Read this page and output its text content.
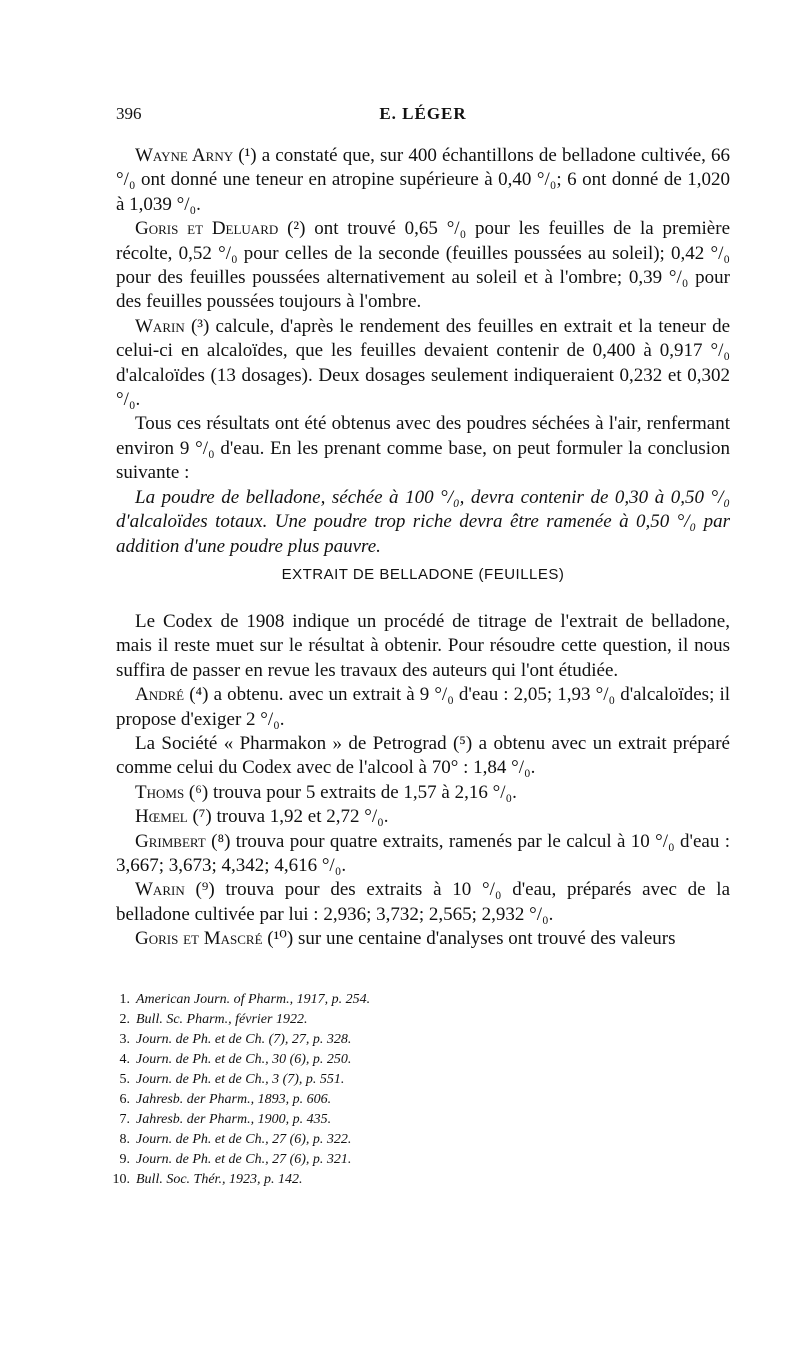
396	E. LÉGER

 Wayne Arny (¹) a constaté que, sur 400 échantillons de belladone cultivée, 66 °/₀ ont donné une teneur en atropine supérieure à 0,40 °/₀; 6 ont donné de 1,020 à 1,039 °/₀.

 Goris et Deluard (²) ont trouvé 0,65 °/₀ pour les feuilles de la première récolte, 0,52 °/₀ pour celles de la seconde (feuilles poussées au soleil); 0,42 °/₀ pour des feuilles poussées alternativement au soleil et à l'ombre; 0,39 °/₀ pour des feuilles poussées toujours à l'ombre.

 Warin (³) calcule, d'après le rendement des feuilles en extrait et la teneur de celui-ci en alcaloïdes, que les feuilles devaient contenir de 0,400 à 0,917 °/₀ d'alcaloïdes (13 dosages). Deux dosages seulement indiqueraient 0,232 et 0,302 °/₀.

 Tous ces résultats ont été obtenus avec des poudres séchées à l'air, renfermant environ 9 °/₀ d'eau. En les prenant comme base, on peut formuler la conclusion suivante :

 La poudre de belladone, séchée à 100 °/₀, devra contenir de 0,30 à 0,50 °/₀ d'alcaloïdes totaux. Une poudre trop riche devra être ramenée à 0,50 °/₀ par addition d'une poudre plus pauvre.

EXTRAIT DE BELLADONE (FEUILLES)

 Le Codex de 1908 indique un procédé de titrage de l'extrait de belladone, mais il reste muet sur le résultat à obtenir. Pour résoudre cette question, il nous suffira de passer en revue les travaux des auteurs qui l'ont étudiée.

 André (⁴) a obtenu. avec un extrait à 9 °/₀ d'eau : 2,05; 1,93 °/₀ d'alcaloïdes; il propose d'exiger 2 °/₀.

 La Société « Pharmakon » de Petrograd (⁵) a obtenu avec un extrait préparé comme celui du Codex avec de l'alcool à 70° : 1,84 °/₀.

 Thoms (⁶) trouva pour 5 extraits de 1,57 à 2,16 °/₀.

 Hœmel (⁷) trouva 1,92 et 2,72 °/₀.

 Grimbert (⁸) trouva pour quatre extraits, ramenés par le calcul à 10 °/₀ d'eau : 3,667; 3,673; 4,342; 4,616 °/₀.

 Warin (⁹) trouva pour des extraits à 10 °/₀ d'eau, préparés avec de la belladone cultivée par lui : 2,936; 3,732; 2,565; 2,932 °/₀.

 Goris et Mascré (¹⁰) sur une centaine d'analyses ont trouvé des valeurs

1. American Journ. of Pharm., 1917, p. 254.
2. Bull. Sc. Pharm., février 1922.
3. Journ. de Ph. et de Ch. (7), 27, p. 328.
4. Journ. de Ph. et de Ch., 30 (6), p. 250.
5. Journ. de Ph. et de Ch., 3 (7), p. 551.
6. Jahresb. der Pharm., 1893, p. 606.
7. Jahresb. der Pharm., 1900, p. 435.
8. Journ. de Ph. et de Ch., 27 (6), p. 322.
9. Journ. de Ph. et de Ch., 27 (6), p. 321.
10. Bull. Soc. Thér., 1923, p. 142.
